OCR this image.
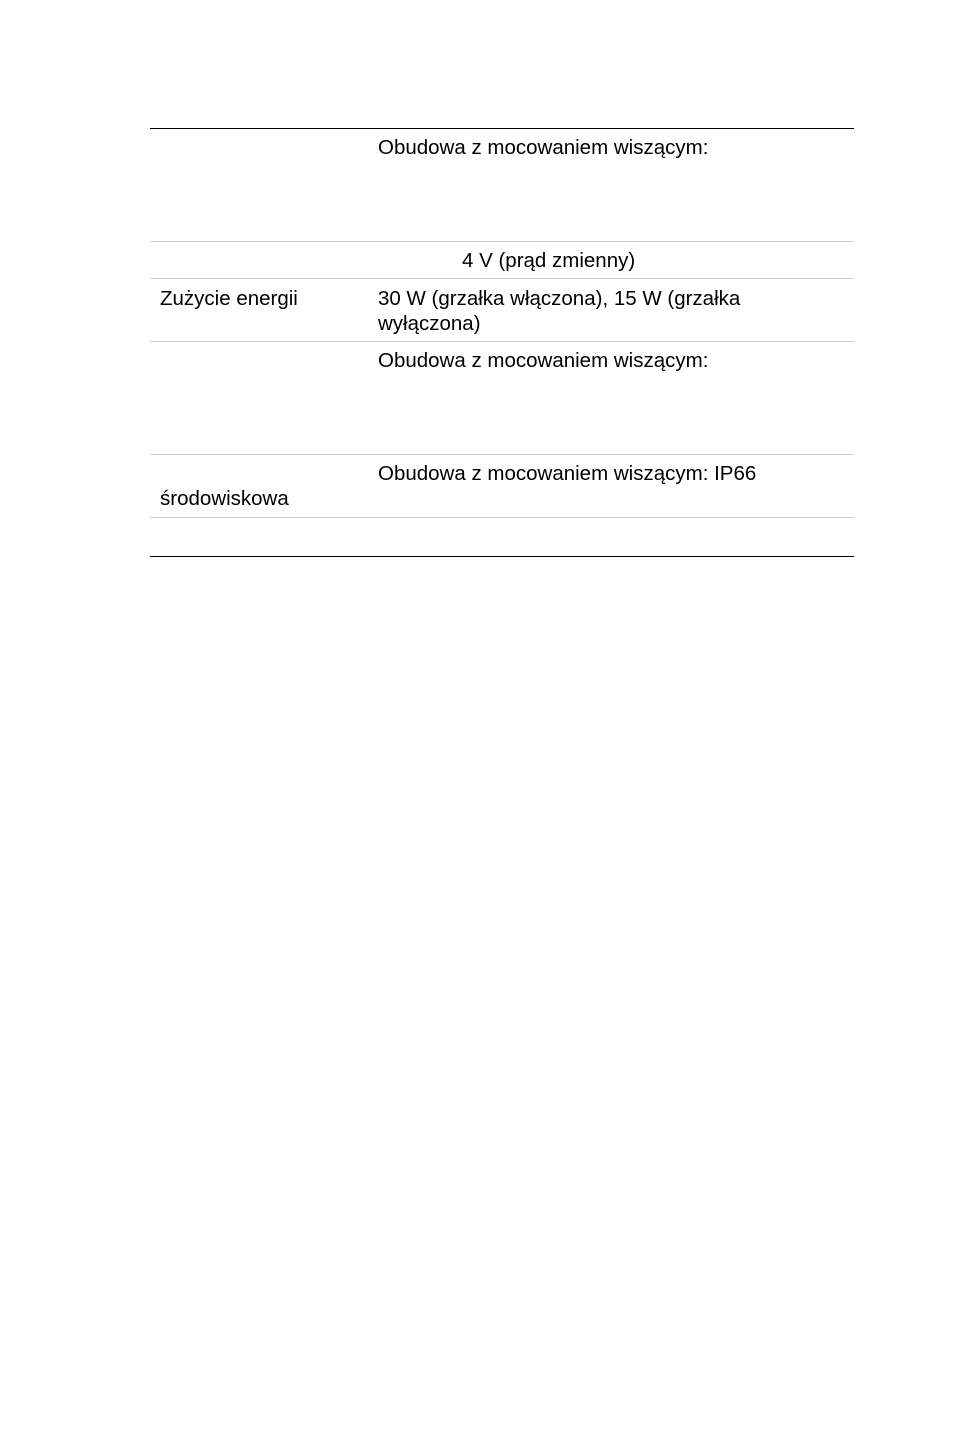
Obudowa z mocowaniem wiszącym:
4 V (prąd zmienny)
Zużycie energii	30 W (grzałka włączona), 15 W (grzałka
wyłączona)
Obudowa z mocowaniem wiszącym:
Obudowa z mocowaniem wiszącym: IP66
środowiskowa
